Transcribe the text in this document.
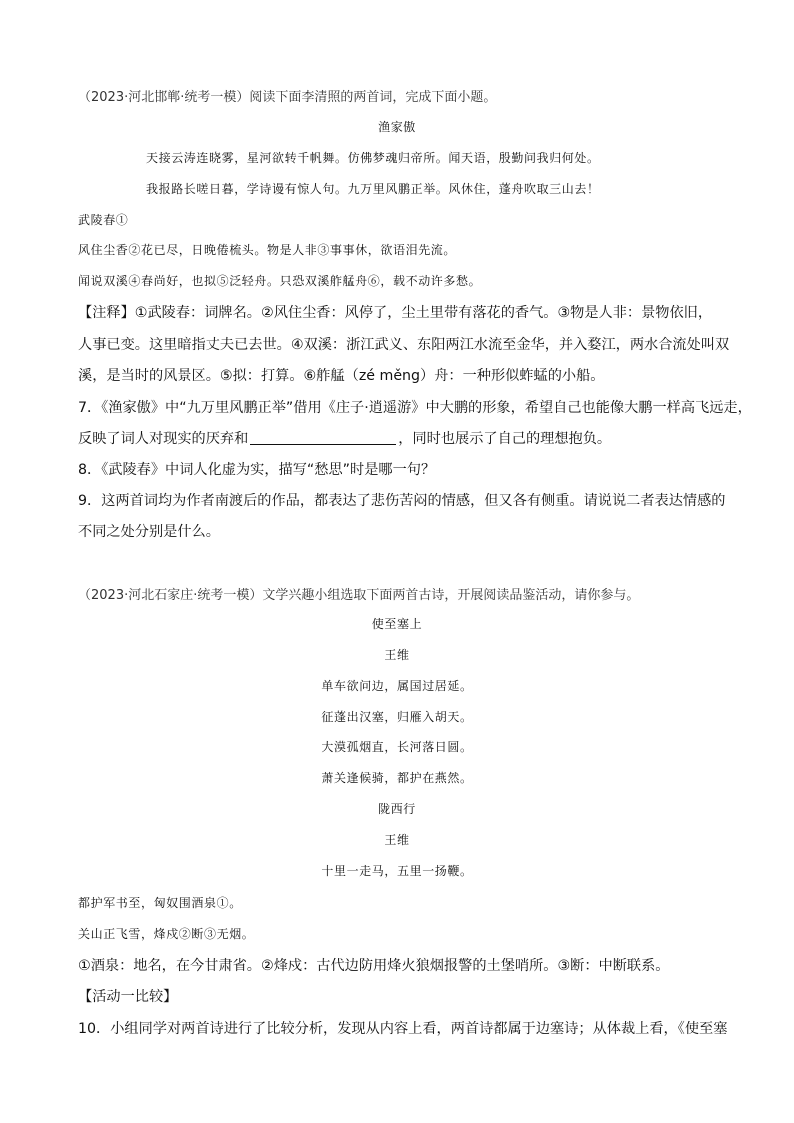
（2023·河北邯郸·统考一模）阅读下面李清照的两首词，完成下面小题。
渔家傲
天接云涛连晓雾，星河欲转千帆舞。仿佛梦魂归帝所。闻天语，殷勤问我归何处。
我报路长嗟日暮，学诗谩有惊人句。九万里风鹏正举。风休住，蓬舟吹取三山去！
武陵春①
风住尘香②花已尽，日晚倦梳头。物是人非③事事休，欲语泪先流。
闻说双溪④春尚好，也拟⑤泛轻舟。只恐双溪舴艋舟⑥，载不动许多愁。
【注释】①武陵春：词牌名。②风住尘香：风停了，尘土里带有落花的香气。③物是人非：景物依旧，
人事已变。这里暗指丈夫已去世。④双溪：浙江武义、东阳两江水流至金华，并入婺江，两水合流处叫双
溪，是当时的风景区。⑤拟：打算。⑥舴艋（zé měng）舟：一种形似蚱蜢的小船。
7．《渔家傲》中“九万里风鹏正举”借用《庄子·逍遥游》中大鹏的形象，希望自己也能像大鹏一样高飞远走，
反映了词人对现实的厌弃和	，同时也展示了自己的理想抱负。
8．《武陵春》中词人化虚为实，描写“愁思”时是哪一句？
9．这两首词均为作者南渡后的作品，都表达了悲伤苦闷的情感，但又各有侧重。请说说二者表达情感的
不同之处分别是什么。
（2023·河北石家庄·统考一模）文学兴趣小组选取下面两首古诗，开展阅读品鉴活动，请你参与。
使至塞上
王维
单车欲问边，属国过居延。
征蓬出汉塞，归雁入胡天。
大漠孤烟直，长河落日圆。
萧关逢候骑，都护在燕然。
陇西行
王维
十里一走马，五里一扬鞭。
都护军书至，匈奴围酒泉①。
关山正飞雪，烽戍②断③无烟。
①酒泉：地名，在今甘肃省。②烽戍：古代边防用烽火狼烟报警的土堡哨所。③断：中断联系。
【活动一比较】
10．小组同学对两首诗进行了比较分析，发现从内容上看，两首诗都属于边塞诗；从体裁上看，《使至塞
